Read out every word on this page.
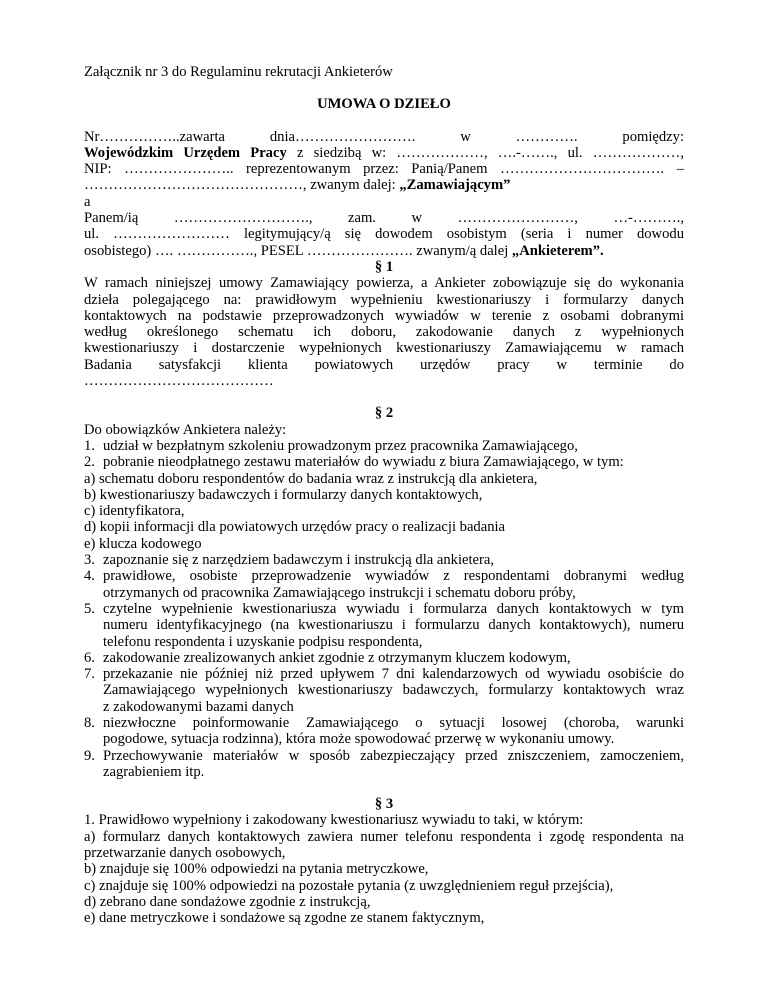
Załącznik nr 3 do Regulaminu rekrutacji Ankieterów
UMOWA O DZIEŁO
Nr……………..zawarta dnia……………………. w …………. pomiędzy:
Wojewódzkim Urzędem Pracy z siedzibą w: ………………, ….-……., ul. ………………,
NIP: ………………….. reprezentowanym przez: Panią/Panem ……………………………. –
………………………………………, zwanym dalej: „Zamawiającym”
a
Panem/ią ………………………., zam. w ……………………, …-……….,
ul. …………………… legitymujący/ą się dowodem osobistym (seria i numer dowodu
osobistego) …. ……………., PESEL …………………. zwanym/ą dalej „Ankieterem”.
§ 1
W ramach niniejszej umowy Zamawiający powierza, a Ankieter zobowiązuje się do wykonania
dzieła polegającego na: prawidłowym wypełnieniu kwestionariuszy i formularzy danych
kontaktowych na podstawie przeprowadzonych wywiadów w terenie z osobami dobranymi
według określonego schematu ich doboru, zakodowanie danych z wypełnionych
kwestionariuszy i dostarczenie wypełnionych kwestionariuszy Zamawiającemu w ramach
Badania satysfakcji klienta powiatowych urzędów pracy w terminie do
…………………………………
§ 2
Do obowiązków Ankietera należy:
1. udział w bezpłatnym szkoleniu prowadzonym przez pracownika Zamawiającego,
2. pobranie nieodpłatnego zestawu materiałów do wywiadu z biura Zamawiającego, w tym:
a) schematu doboru respondentów do badania wraz z instrukcją dla ankietera,
b) kwestionariuszy badawczych i formularzy danych kontaktowych,
c) identyfikatora,
d) kopii informacji dla powiatowych urzędów pracy o realizacji badania
e) klucza kodowego
3. zapoznanie się z narzędziem badawczym i instrukcją dla ankietera,
4. prawidłowe, osobiste przeprowadzenie wywiadów z respondentami dobranymi według
otrzymanych od pracownika Zamawiającego instrukcji i schematu doboru próby,
5. czytelne wypełnienie kwestionariusza wywiadu i formularza danych kontaktowych w tym
numeru identyfikacyjnego (na kwestionariuszu i formularzu danych kontaktowych), numeru
telefonu respondenta i uzyskanie podpisu respondenta,
6. zakodowanie zrealizowanych ankiet zgodnie z otrzymanym kluczem kodowym,
7. przekazanie nie później niż przed upływem 7 dni kalendarzowych od wywiadu osobiście do
Zamawiającego wypełnionych kwestionariuszy badawczych, formularzy kontaktowych wraz
z zakodowanymi bazami danych
8. niezwłoczne poinformowanie Zamawiającego o sytuacji losowej (choroba, warunki
pogodowe, sytuacja rodzinna), która może spowodować przerwę w wykonaniu umowy.
9. Przechowywanie materiałów w sposób zabezpieczający przed zniszczeniem, zamoczeniem,
zagrabieniem itp.
§ 3
1. Prawidłowo wypełniony i zakodowany kwestionariusz wywiadu to taki, w którym:
a) formularz danych kontaktowych zawiera numer telefonu respondenta i zgodę respondenta na
przetwarzanie danych osobowych,
b) znajduje się 100% odpowiedzi na pytania metryczkowe,
c) znajduje się 100% odpowiedzi na pozostałe pytania (z uwzględnieniem reguł przejścia),
d) zebrano dane sondażowe zgodnie z instrukcją,
e) dane metryczkowe i sondażowe są zgodne ze stanem faktycznym,
